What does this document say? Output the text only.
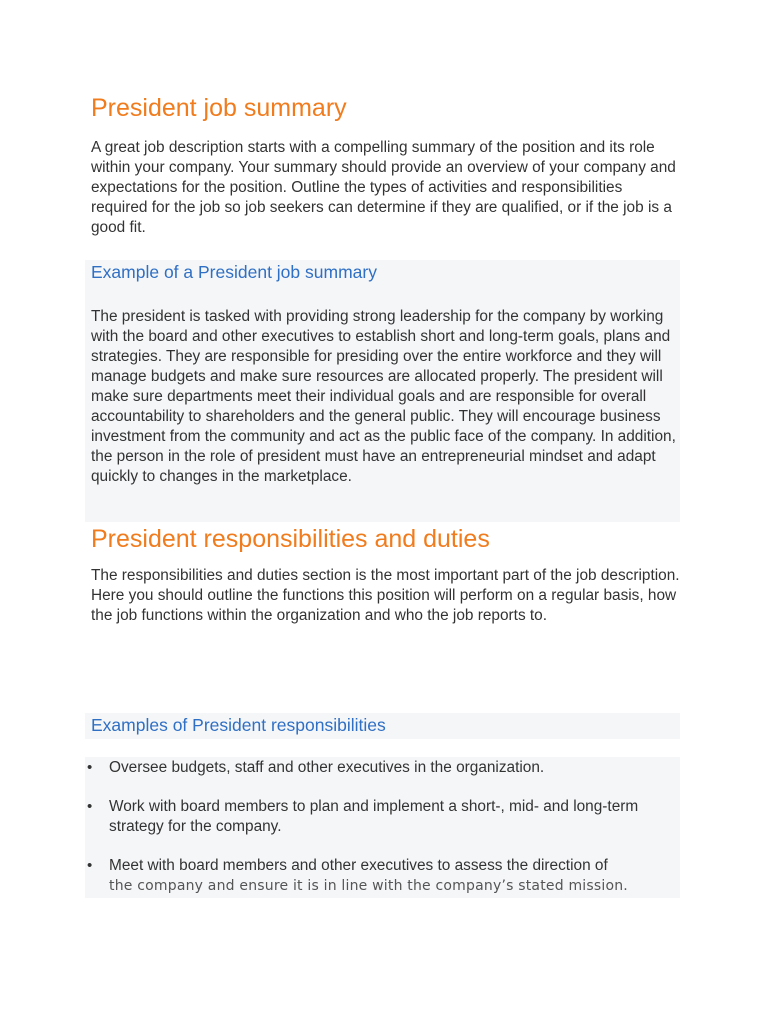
President job summary

A great job description starts with a compelling summary of the position and its role within your company. Your summary should provide an overview of your company and expectations for the position. Outline the types of activities and responsibilities required for the job so job seekers can determine if they are qualified, or if the job is a good fit.

Example of a President job summary

The president is tasked with providing strong leadership for the company by working with the board and other executives to establish short and long-term goals, plans and strategies. They are responsible for presiding over the entire workforce and they will manage budgets and make sure resources are allocated properly. The president will make sure departments meet their individual goals and are responsible for overall accountability to shareholders and the general public. They will encourage business investment from the community and act as the public face of the company. In addition, the person in the role of president must have an entrepreneurial mindset and adapt quickly to changes in the marketplace.

President responsibilities and duties

The responsibilities and duties section is the most important part of the job description. Here you should outline the functions this position will perform on a regular basis, how the job functions within the organization and who the job reports to.

Examples of President responsibilities
• Oversee budgets, staff and other executives in the organization.
• Work with board members to plan and implement a short-, mid- and long-term strategy for the company.
• Meet with board members and other executives to assess the direction of
the company and ensure it is in line with the company’s stated mission.
